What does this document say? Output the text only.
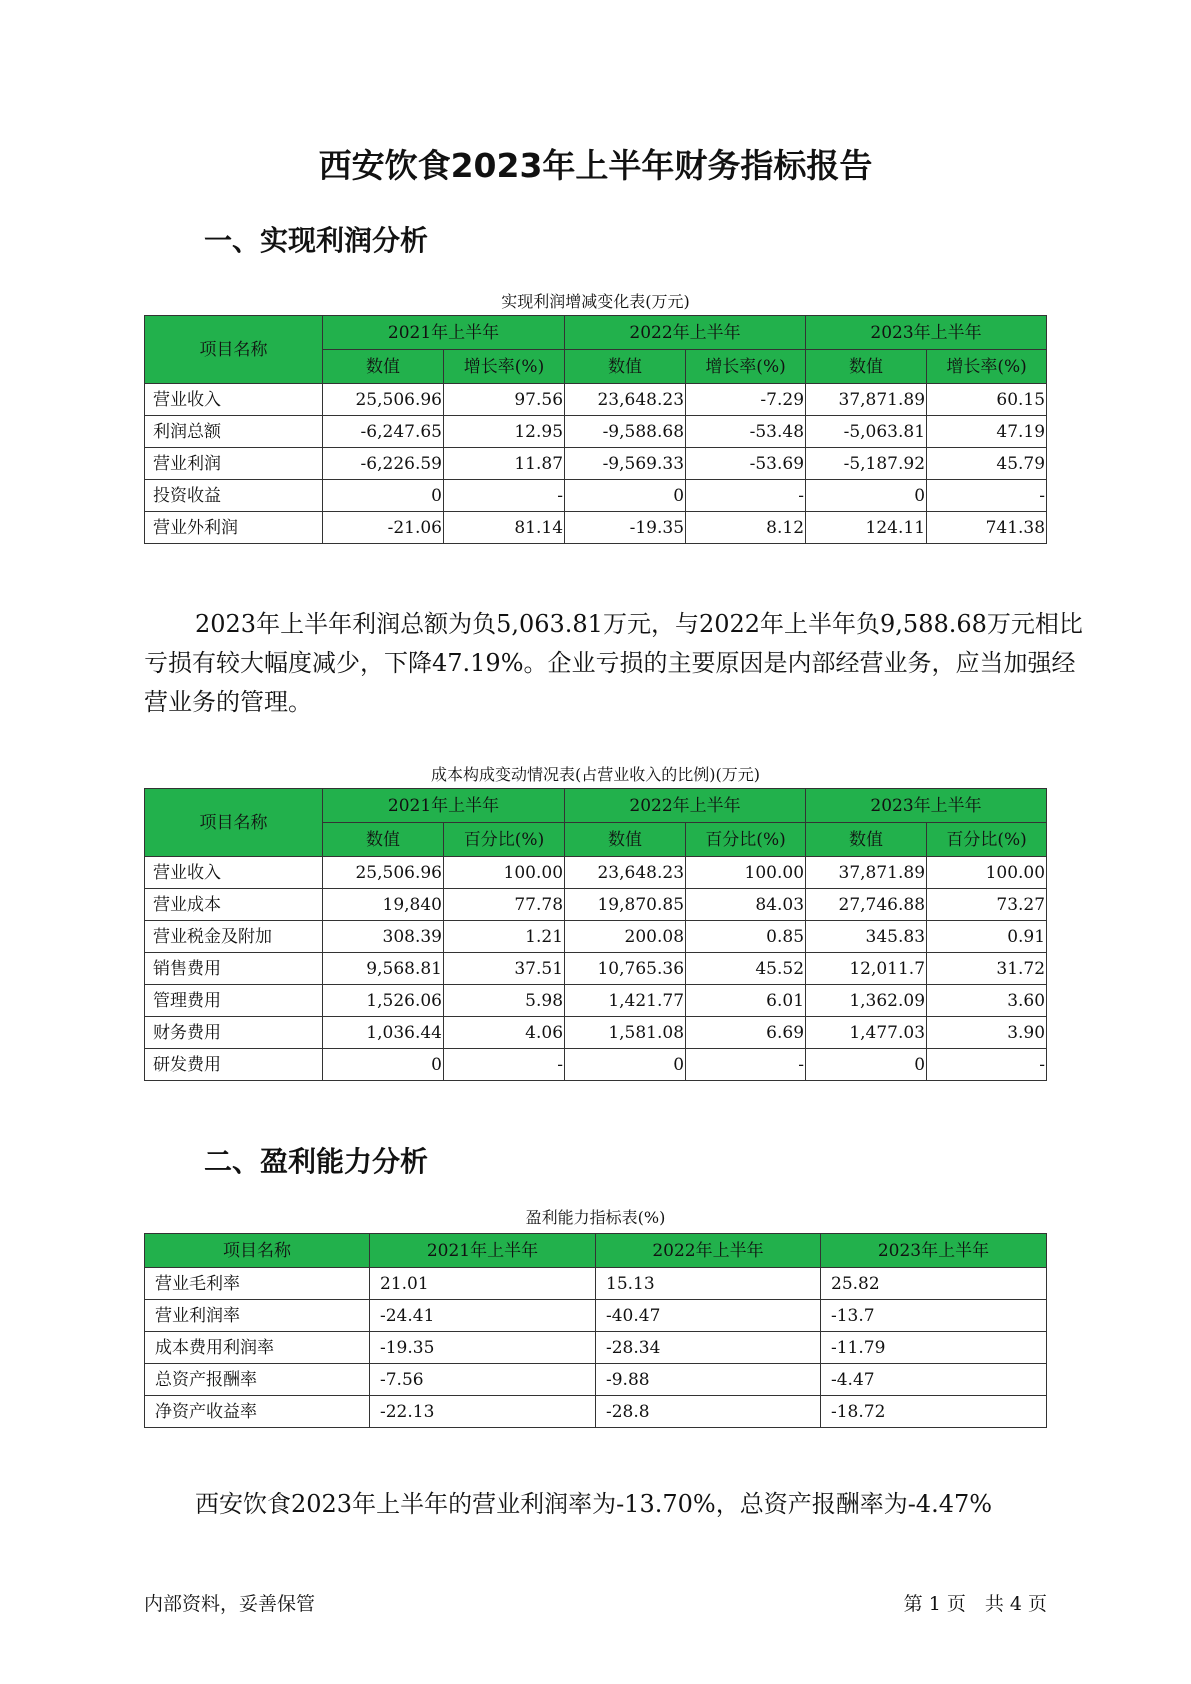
西安饮食2023年上半年财务指标报告
一、实现利润分析
实现利润增减变化表(万元)
项目名称	2021年上半年		2022年上半年		2023年上半年	
	数值	增长率(%)	数值	增长率(%)	数值	增长率(%)
营业收入	25,506.96	97.56	23,648.23	-7.29	37,871.89	60.15
利润总额	-6,247.65	12.95	-9,588.68	-53.48	-5,063.81	47.19
营业利润	-6,226.59	11.87	-9,569.33	-53.69	-5,187.92	45.79
投资收益	0	-	0	-	0	-
营业外利润	-21.06	81.14	-19.35	8.12	124.11	741.38

2023年上半年利润总额为负5,063.81万元，与2022年上半年负9,588.68万元相比亏损有较大幅度减少，下降47.19%。企业亏损的主要原因是内部经营业务，应当加强经营业务的管理。

成本构成变动情况表(占营业收入的比例)(万元)
项目名称	2021年上半年		2022年上半年		2023年上半年	
	数值	百分比(%)	数值	百分比(%)	数值	百分比(%)
营业收入	25,506.96	100.00	23,648.23	100.00	37,871.89	100.00
营业成本	19,840	77.78	19,870.85	84.03	27,746.88	73.27
营业税金及附加	308.39	1.21	200.08	0.85	345.83	0.91
销售费用	9,568.81	37.51	10,765.36	45.52	12,011.7	31.72
管理费用	1,526.06	5.98	1,421.77	6.01	1,362.09	3.60
财务费用	1,036.44	4.06	1,581.08	6.69	1,477.03	3.90
研发费用	0	-	0	-	0	-
二、盈利能力分析
盈利能力指标表(%)
项目名称	2021年上半年	2022年上半年	2023年上半年
营业毛利率	21.01	15.13	25.82
营业利润率	-24.41	-40.47	-13.7
成本费用利润率	-19.35	-28.34	-11.79
总资产报酬率	-7.56	-9.88	-4.47
净资产收益率	-22.13	-28.8	-18.72

西安饮食2023年上半年的营业利润率为-13.70%，总资产报酬率为-4.47%

内部资料，妥善保管	第 1 页　共 4 页
